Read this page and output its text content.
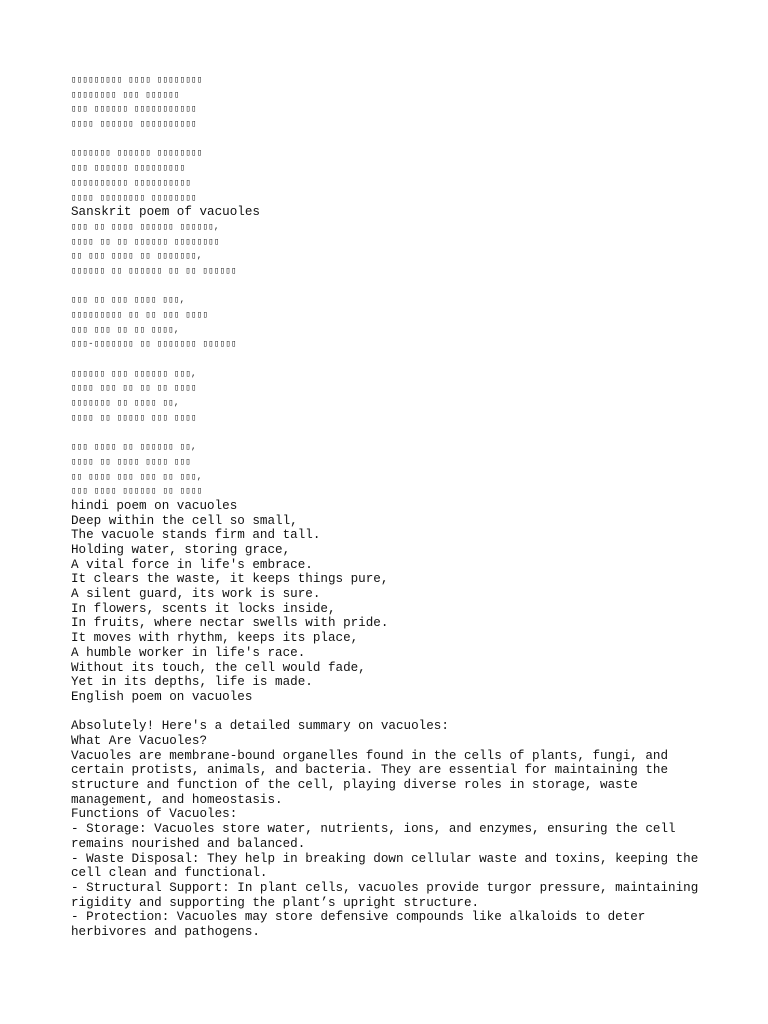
▯▯▯▯▯▯▯▯▯ ▯▯▯▯ ▯▯▯▯▯▯▯▯
▯▯▯▯▯▯▯▯ ▯▯▯ ▯▯▯▯▯▯
▯▯▯ ▯▯▯▯▯▯ ▯▯▯▯▯▯▯▯▯▯▯
▯▯▯▯ ▯▯▯▯▯▯ ▯▯▯▯▯▯▯▯▯▯
▯▯▯▯▯▯▯ ▯▯▯▯▯▯ ▯▯▯▯▯▯▯▯
▯▯▯ ▯▯▯▯▯▯ ▯▯▯▯▯▯▯▯▯
▯▯▯▯▯▯▯▯▯▯ ▯▯▯▯▯▯▯▯▯▯
▯▯▯▯ ▯▯▯▯▯▯▯▯ ▯▯▯▯▯▯▯▯
Sanskrit poem of vacuoles
▯▯▯ ▯▯ ▯▯▯▯ ▯▯▯▯▯▯ ▯▯▯▯▯▯,
▯▯▯▯ ▯▯ ▯▯ ▯▯▯▯▯▯ ▯▯▯▯▯▯▯▯
▯▯ ▯▯▯ ▯▯▯▯ ▯▯ ▯▯▯▯▯▯▯,
▯▯▯▯▯▯ ▯▯ ▯▯▯▯▯▯ ▯▯ ▯▯ ▯▯▯▯▯▯
▯▯▯ ▯▯ ▯▯▯ ▯▯▯▯ ▯▯▯,
▯▯▯▯▯▯▯▯▯ ▯▯ ▯▯ ▯▯▯ ▯▯▯▯
▯▯▯ ▯▯▯ ▯▯ ▯▯ ▯▯▯▯,
▯▯▯-▯▯▯▯▯▯▯ ▯▯ ▯▯▯▯▯▯▯ ▯▯▯▯▯▯
▯▯▯▯▯▯ ▯▯▯ ▯▯▯▯▯▯ ▯▯▯,
▯▯▯▯ ▯▯▯ ▯▯ ▯▯ ▯▯ ▯▯▯▯
▯▯▯▯▯▯▯ ▯▯ ▯▯▯▯ ▯▯,
▯▯▯▯ ▯▯ ▯▯▯▯▯ ▯▯▯ ▯▯▯▯
▯▯▯ ▯▯▯▯ ▯▯ ▯▯▯▯▯▯ ▯▯,
▯▯▯▯ ▯▯ ▯▯▯▯ ▯▯▯▯ ▯▯▯
▯▯ ▯▯▯▯ ▯▯▯ ▯▯▯ ▯▯ ▯▯▯,
▯▯▯ ▯▯▯▯ ▯▯▯▯▯▯ ▯▯ ▯▯▯▯
hindi poem on vacuoles
Deep within the cell so small,
The vacuole stands firm and tall.
Holding water, storing grace,
A vital force in life's embrace.
It clears the waste, it keeps things pure,
A silent guard, its work is sure.
In flowers, scents it locks inside,
In fruits, where nectar swells with pride.
It moves with rhythm, keeps its place,
A humble worker in life's race.
Without its touch, the cell would fade,
Yet in its depths, life is made.
English poem on vacuoles
Absolutely! Here's a detailed summary on vacuoles:
What Are Vacuoles?
Vacuoles are membrane-bound organelles found in the cells of plants, fungi, and
certain protists, animals, and bacteria. They are essential for maintaining the
structure and function of the cell, playing diverse roles in storage, waste
management, and homeostasis.
Functions of Vacuoles:
- Storage: Vacuoles store water, nutrients, ions, and enzymes, ensuring the cell
remains nourished and balanced.
- Waste Disposal: They help in breaking down cellular waste and toxins, keeping the
cell clean and functional.
- Structural Support: In plant cells, vacuoles provide turgor pressure, maintaining
rigidity and supporting the plant’s upright structure.
- Protection: Vacuoles may store defensive compounds like alkaloids to deter
herbivores and pathogens.
